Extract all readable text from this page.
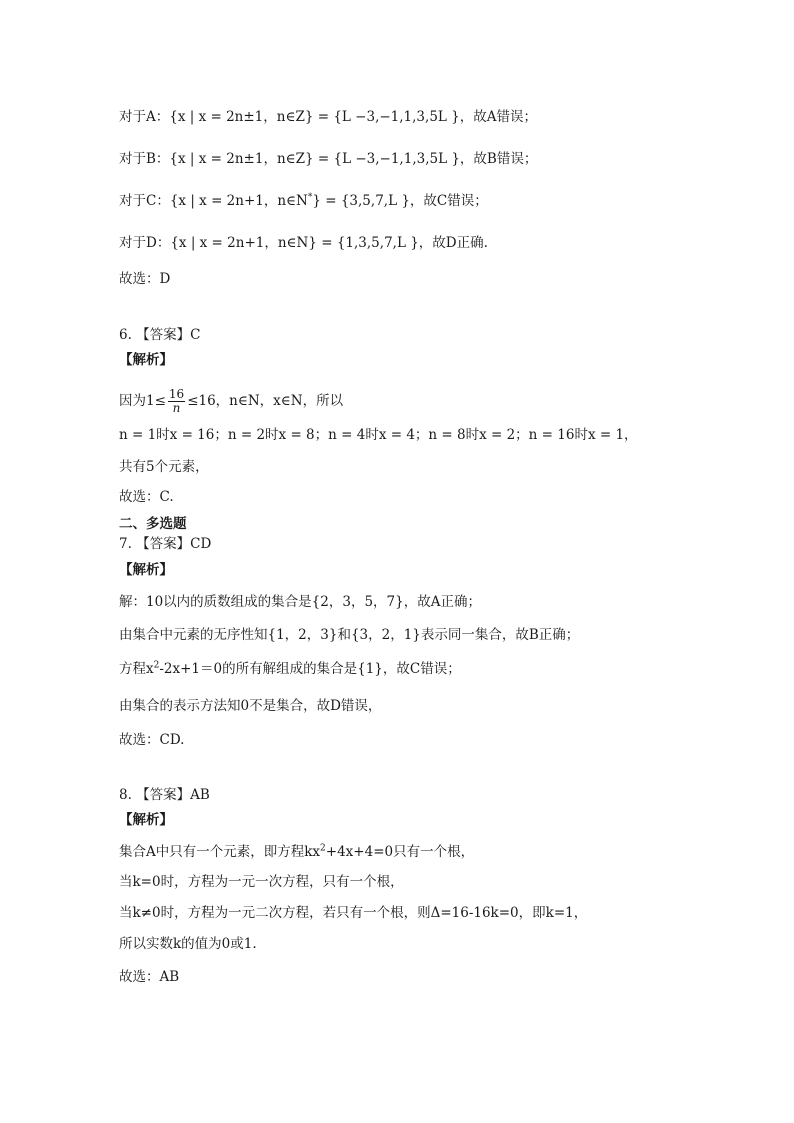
对于A：{x | x = 2n±1，n∈Z} = {L −3,−1,1,3,5L }，故A错误；
对于B：{x | x = 2n±1，n∈Z} = {L −3,−1,1,3,5L }，故B错误；
对于C：{x | x = 2n+1，n∈N*} = {3,5,7,L }，故C错误；
对于D：{x | x = 2n+1，n∈N} = {1,3,5,7,L }，故D正确.
故选：D
6. 【答案】C
【解析】
因为$1\le \frac{16}{n} \le 16$，n∈N，x∈N，所以
n = 1时x = 16；n = 2时x = 8；n = 4时x = 4；n = 8时x = 2；n = 16时x = 1，
共有5个元素，
故选：C.
二、多选题
7. 【答案】CD
【解析】
解：10以内的质数组成的集合是{2，3，5，7}，故A正确；
由集合中元素的无序性知{1，2，3}和{3，2，1}表示同一集合，故B正确；
方程$x^2-2x+1=0$的所有解组成的集合是{1}，故C错误；
由集合的表示方法知0不是集合，故D错误，
故选：CD.
8. 【答案】AB
【解析】
集合A中只有一个元素，即方程$kx^2+4x+4=0$只有一个根，
当k=0时，方程为一元一次方程，只有一个根，
当k≠0时，方程为一元二次方程，若只有一个根，则Δ=16-16k=0，即k=1，
所以实数k的值为0或1.
故选：AB
